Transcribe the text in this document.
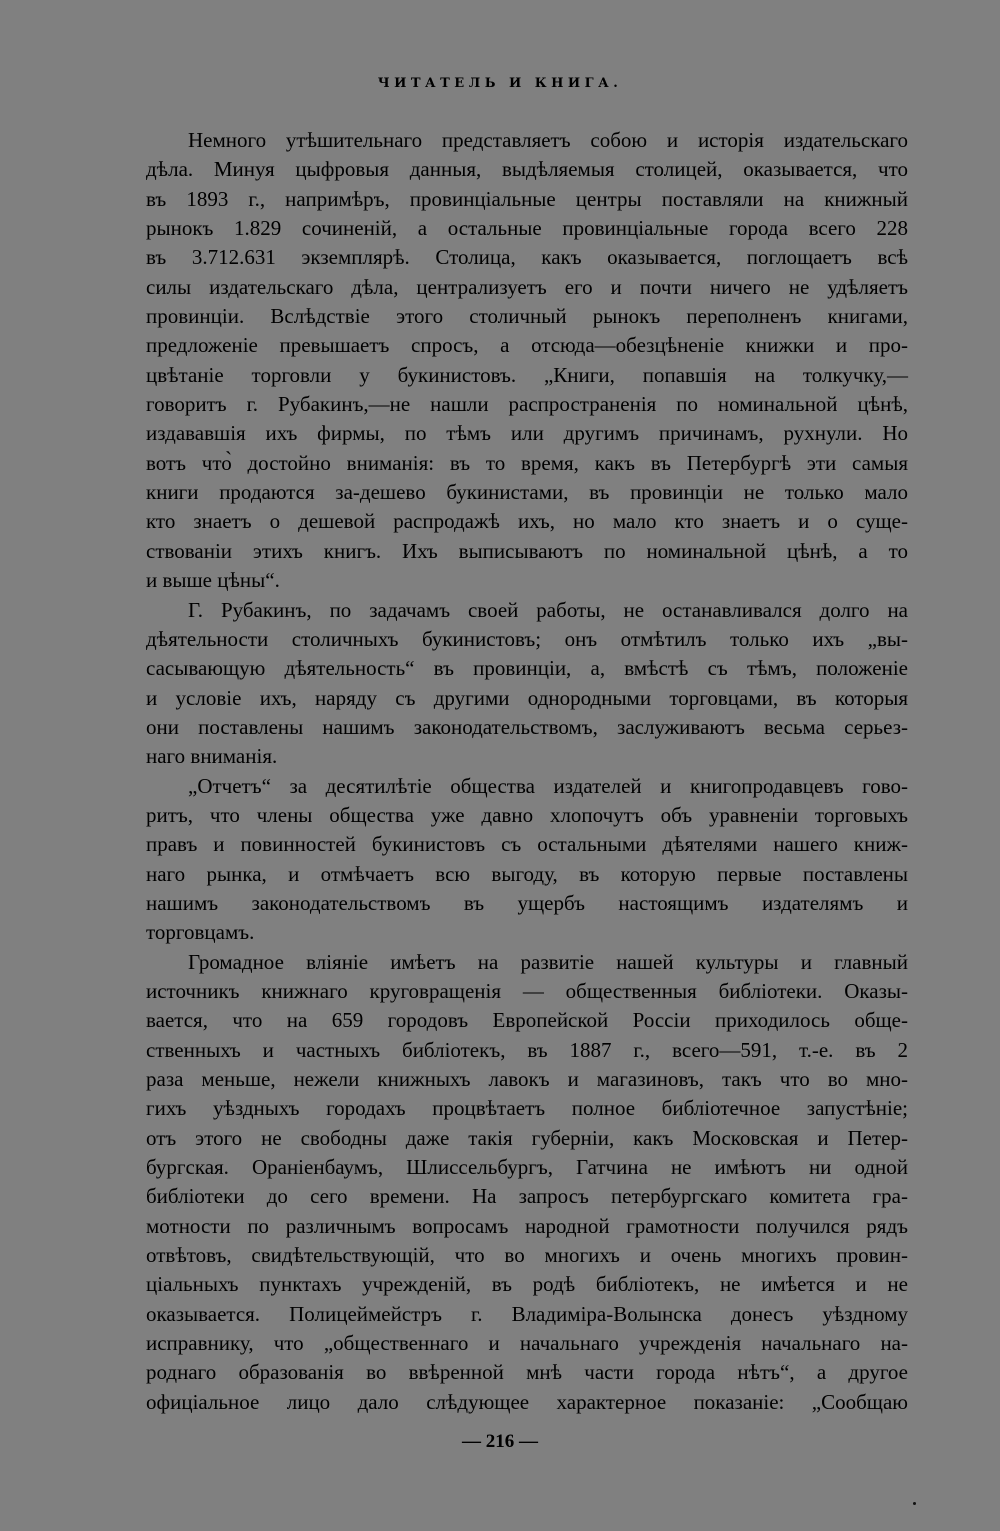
ЧИТАТЕЛЬ И КНИГА.
Немного утѣшительнаго представляетъ собою и исторія издательскаго
дѣла. Минуя цыфровыя данныя, выдѣляемыя столицей, оказывается, что
въ 1893 г., напримѣръ, провинціальные центры поставляли на книжный
рынокъ 1.829 сочиненій, а остальные провинціальные города всего 228
въ 3.712.631 экземплярѣ. Столица, какъ оказывается, поглощаетъ всѣ
силы издательскаго дѣла, централизуетъ его и почти ничего не удѣляетъ
провинціи. Вслѣдствіе этого столичный рынокъ переполненъ книгами,
предложеніе превышаетъ спросъ, а отсюда—обезцѣненіе книжки и про-
цвѣтаніе торговли у букинистовъ. „Книги, попавшія на толкучку,—
говоритъ г. Рубакинъ,—не нашли распространенія по номинальной цѣнѣ,
издававшія ихъ фирмы, по тѣмъ или другимъ причинамъ, рухнули. Но
вотъ что̀ достойно вниманія: въ то время, какъ въ Петербургѣ эти самыя
книги продаются за-дешево букинистами, въ провинціи не только мало
кто знаетъ о дешевой распродажѣ ихъ, но мало кто знаетъ и о суще-
ствованіи этихъ книгъ. Ихъ выписываютъ по номинальной цѣнѣ, а то
и выше цѣны“.
Г. Рубакинъ, по задачамъ своей работы, не останавливался долго на
дѣятельности столичныхъ букинистовъ; онъ отмѣтилъ только ихъ „вы-
сасывающую дѣятельность“ въ провинціи, а, вмѣстѣ съ тѣмъ, положеніе
и условіе ихъ, наряду съ другими однородными торговцами, въ которыя
они поставлены нашимъ законодательствомъ, заслуживаютъ весьма серьез-
наго вниманія.
„Отчетъ“ за десятилѣтіе общества издателей и книгопродавцевъ гово-
ритъ, что члены общества уже давно хлопочутъ объ уравненіи торговыхъ
правъ и повинностей букинистовъ съ остальными дѣятелями нашего книж-
наго рынка, и отмѣчаетъ всю выгоду, въ которую первые поставлены
нашимъ законодательствомъ въ ущербъ настоящимъ издателямъ и
торговцамъ.
Громадное вліяніе имѣетъ на развитіе нашей культуры и главный
источникъ книжнаго круговращенія — общественныя библіотеки. Оказы-
вается, что на 659 городовъ Европейской Россіи приходилось обще-
ственныхъ и частныхъ библіотекъ, въ 1887 г., всего—591, т.-е. въ 2
раза меньше, нежели книжныхъ лавокъ и магазиновъ, такъ что во мно-
гихъ уѣздныхъ городахъ процвѣтаетъ полное библіотечное запустѣніе;
отъ этого не свободны даже такія губерніи, какъ Московская и Петер-
бургская. Ораніенбаумъ, Шлиссельбургъ, Гатчина не имѣютъ ни одной
библіотеки до сего времени. На запросъ петербургскаго комитета гра-
мотности по различнымъ вопросамъ народной грамотности получился рядъ
отвѣтовъ, свидѣтельствующій, что во многихъ и очень многихъ провин-
ціальныхъ пунктахъ учрежденій, въ родѣ библіотекъ, не имѣется и не
оказывается. Полицеймейстръ г. Владиміра-Волынска донесъ уѣздному
исправнику, что „общественнаго и начальнаго учрежденія начальнаго на-
роднаго образованія во ввѣренной мнѣ части города нѣтъ“, а другое
офиціальное лицо дало слѣдующее характерное показаніе: „Сообщаю
— 216 —
